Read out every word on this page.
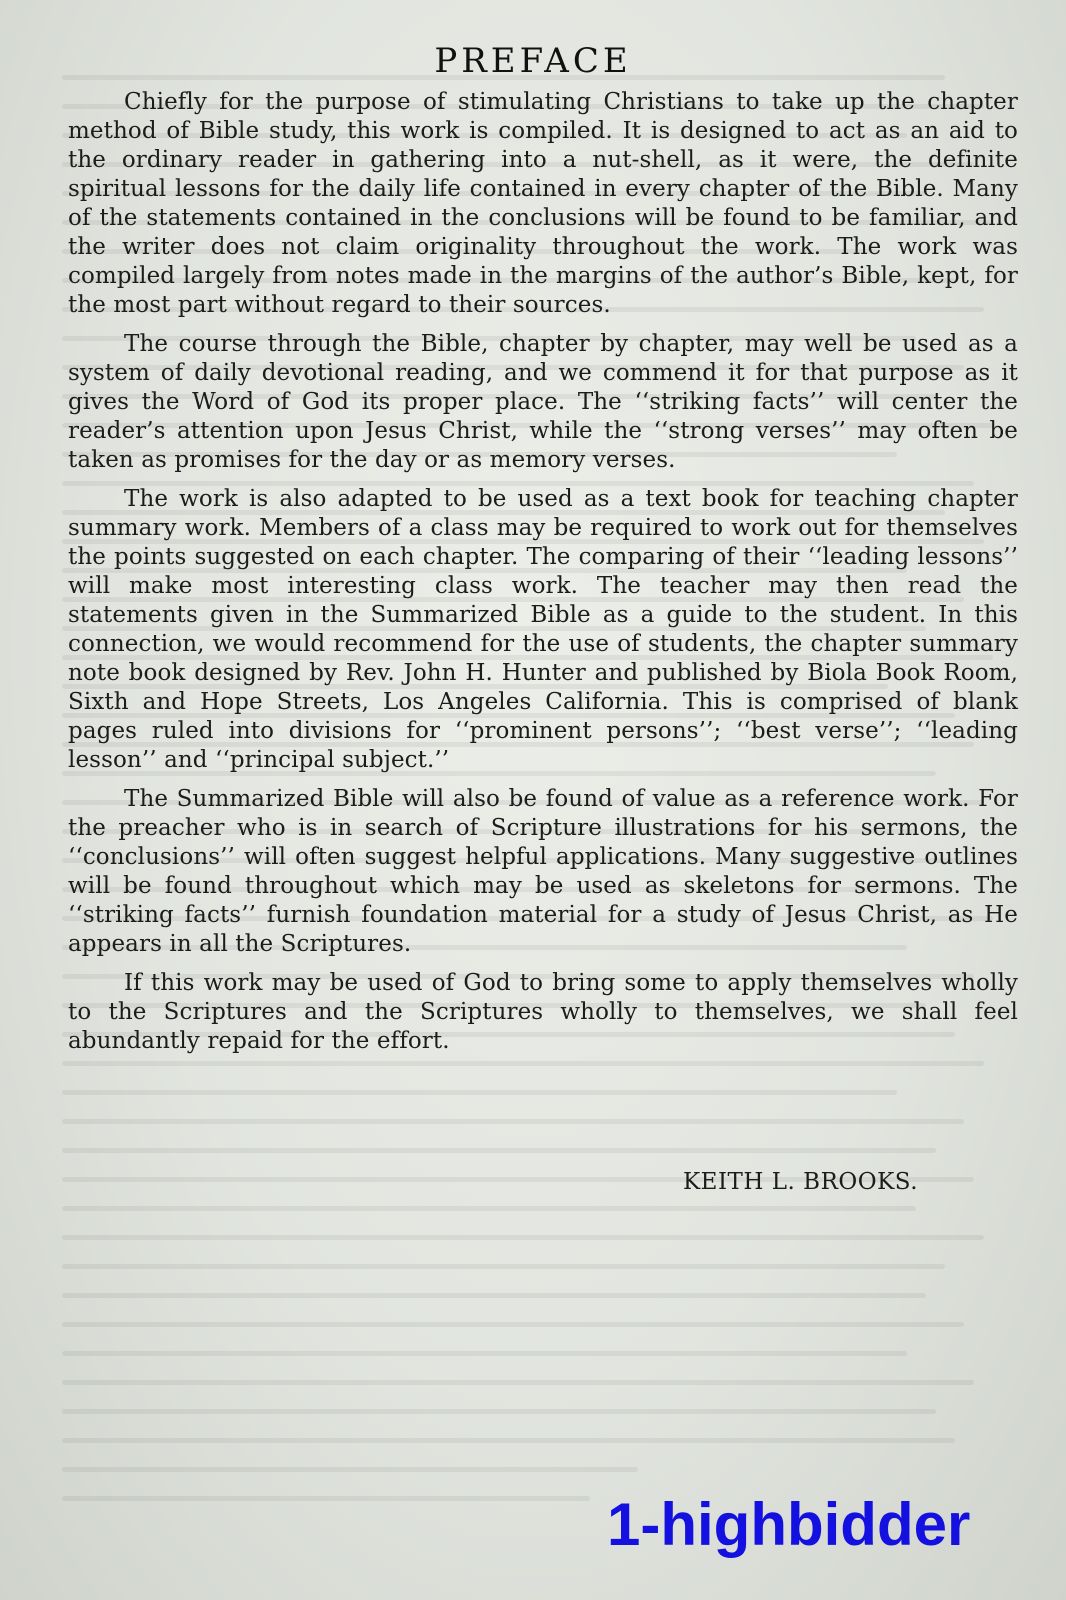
PREFACE

Chiefly for the purpose of stimulating Christians to take up the chapter method of Bible study, this work is compiled. It is designed to act as an aid to the ordinary reader in gathering into a nut-shell, as it were, the definite spiritual lessons for the daily life contained in every chapter of the Bible. Many of the statements contained in the conclusions will be found to be familiar, and the writer does not claim originality throughout the work. The work was compiled largely from notes made in the margins of the author’s Bible, kept, for the most part without regard to their sources.

The course through the Bible, chapter by chapter, may well be used as a system of daily devotional reading, and we commend it for that purpose as it gives the Word of God its proper place. The ‘‘striking facts’’ will center the reader’s attention upon Jesus Christ, while the ‘‘strong verses’’ may often be taken as promises for the day or as memory verses.

The work is also adapted to be used as a text book for teaching chapter summary work. Members of a class may be required to work out for themselves the points suggested on each chapter. The comparing of their ‘‘leading lessons’’ will make most interesting class work. The teacher may then read the statements given in the Summarized Bible as a guide to the student. In this connection, we would recommend for the use of students, the chapter summary note book designed by Rev. John H. Hunter and published by Biola Book Room, Sixth and Hope Streets, Los Angeles California. This is comprised of blank pages ruled into divisions for ‘‘prominent persons’’; ‘‘best verse’’; ‘‘leading lesson’’ and ‘‘principal subject.’’

The Summarized Bible will also be found of value as a reference work. For the preacher who is in search of Scripture illustrations for his sermons, the ‘‘conclusions’’ will often suggest helpful applications. Many suggestive outlines will be found throughout which may be used as skeletons for sermons. The ‘‘striking facts’’ furnish foundation material for a study of Jesus Christ, as He appears in all the Scriptures.

If this work may be used of God to bring some to apply themselves wholly to the Scriptures and the Scriptures wholly to themselves, we shall feel abundantly repaid for the effort.

KEITH L. BROOKS.
1-highbidder
